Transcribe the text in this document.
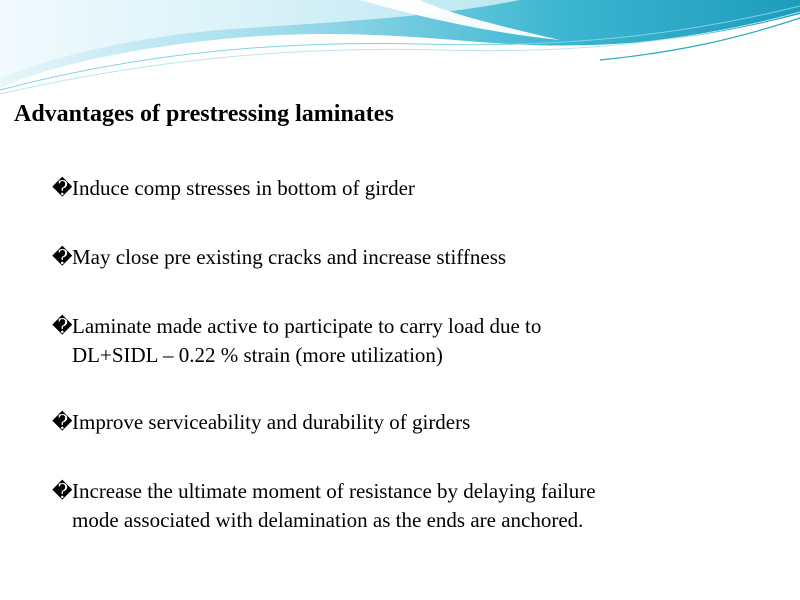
Advantages of prestressing laminates
�Induce comp stresses in bottom of girder
�May close pre existing cracks and increase stiffness
�Laminate made active to participate to carry load due to
DL+SIDL – 0.22 % strain (more utilization)
�Improve serviceability and durability of girders
�Increase the ultimate moment of resistance by delaying failure
mode associated with delamination as the ends are anchored.
